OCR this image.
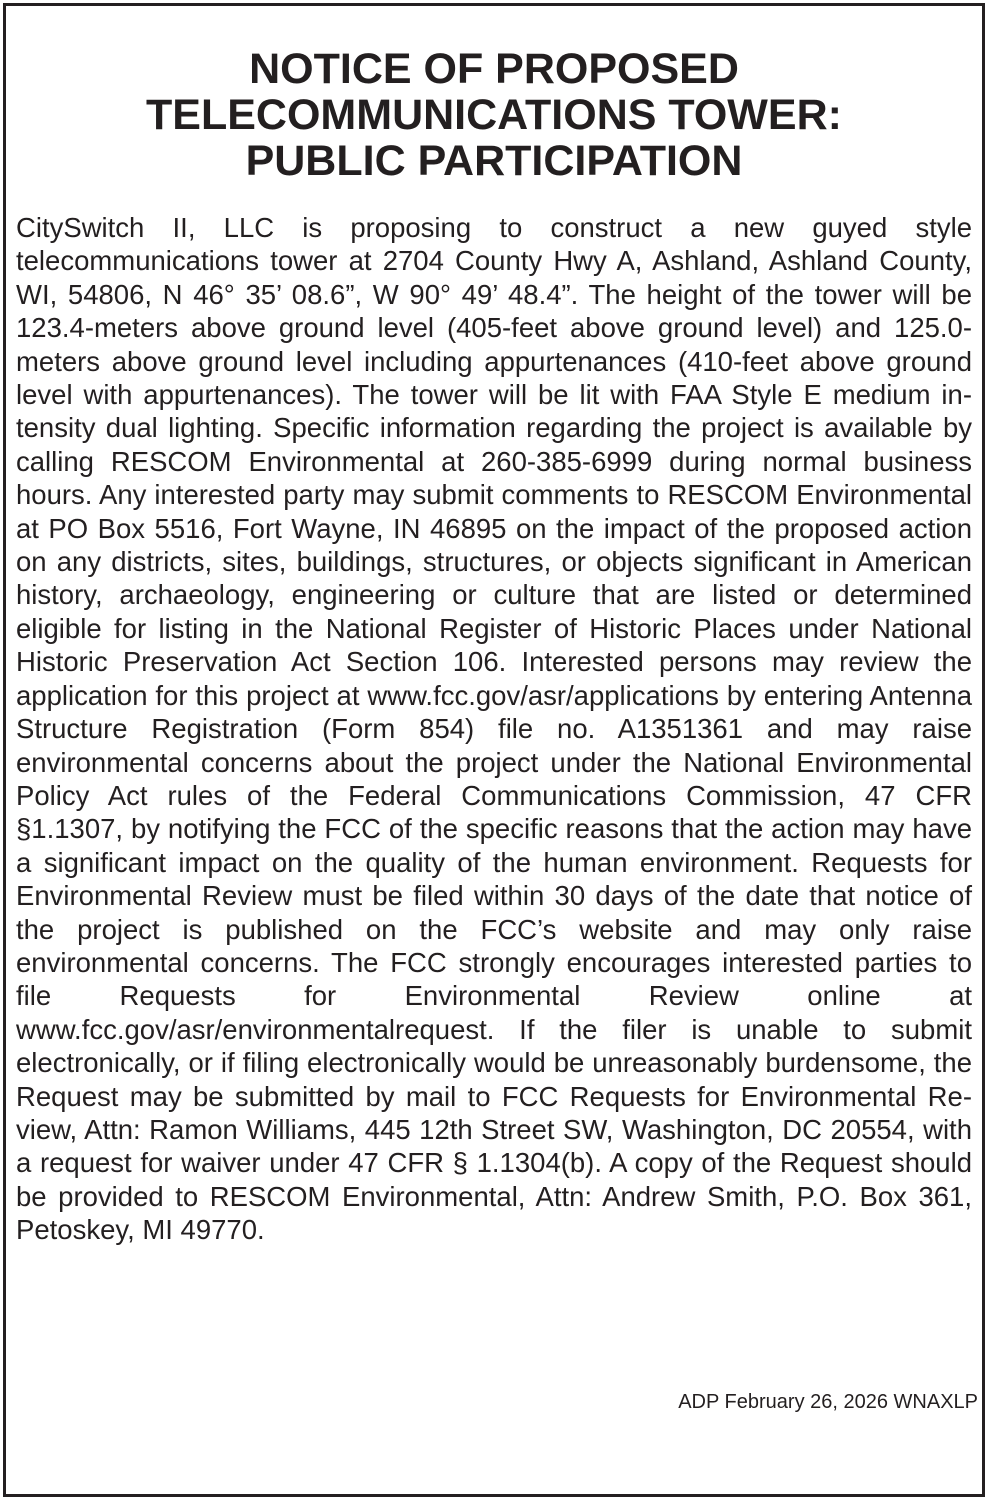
NOTICE OF PROPOSED
TELECOMMUNICATIONS TOWER:
PUBLIC PARTICIPATION

CitySwitch II, LLC is proposing to construct a new guyed style telecommunications tower at 2704 County Hwy A, Ashland, Ashland County, WI, 54806, N 46° 35’ 08.6”, W 90° 49’ 48.4”. The height of the tower will be 123.4-meters above ground level (405-feet above ground level) and 125.0-meters above ground level including appurtenances (410-feet above ground level with appurtenances). The tower will be lit with FAA Style E medium intensity dual lighting. Specific information regarding the project is available by calling RESCOM Environmental at 260-385-6999 during normal business hours. Any interested party may submit comments to RESCOM Environmental at PO Box 5516, Fort Wayne, IN 46895 on the impact of the proposed action on any districts, sites, buildings, structures, or objects significant in American history, archaeology, engineering or culture that are listed or determined eligible for listing in the National Register of Historic Places under National Historic Preservation Act Section 106. Interested persons may review the application for this project at www.fcc.gov/asr/applications by entering Antenna Structure Registration (Form 854) file no. A1351361 and may raise environmental concerns about the project under the National Environmental Policy Act rules of the Federal Communications Commission, 47 CFR §1.1307, by notifying the FCC of the specific reasons that the action may have a significant impact on the quality of the human environment. Requests for Environmental Review must be filed within 30 days of the date that notice of the project is published on the FCC’s website and may only raise environmental concerns. The FCC strongly encourages interested parties to file Requests for Environmental Review online at www.fcc.gov/asr/environmentalrequest. If the filer is unable to submit electronically, or if filing electronically would be unreasonably burdensome, the Request may be submitted by mail to FCC Requests for Environmental Review, Attn: Ramon Williams, 445 12th Street SW, Washington, DC 20554, with a request for waiver under 47 CFR § 1.1304(b). A copy of the Request should be provided to RESCOM Environmental, Attn: Andrew Smith, P.O. Box 361, Petoskey, MI 49770.

ADP February 26, 2026 WNAXLP
